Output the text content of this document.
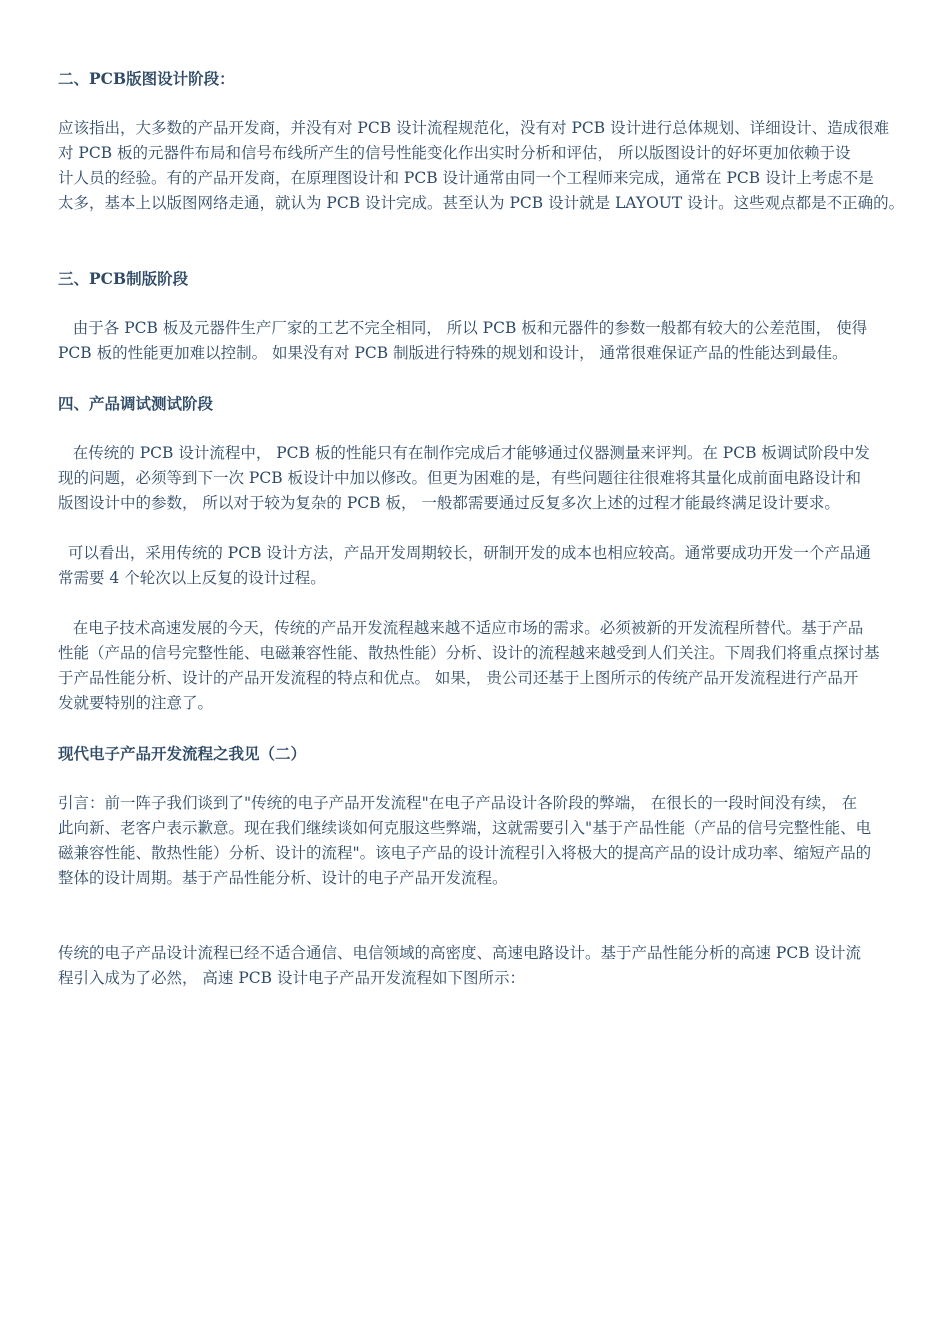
二、PCB版图设计阶段：
应该指出，大多数的产品开发商，并没有对 PCB 设计流程规范化，没有对 PCB 设计进行总体规划、详细设计、造成很难
对 PCB 板的元器件布局和信号布线所产生的信号性能变化作出实时分析和评估， 所以版图设计的好坏更加依赖于设
计人员的经验。有的产品开发商，在原理图设计和 PCB 设计通常由同一个工程师来完成，通常在 PCB 设计上考虑不是
太多，基本上以版图网络走通，就认为 PCB 设计完成。甚至认为 PCB 设计就是 LAYOUT 设计。这些观点都是不正确的。
三、PCB制版阶段
由于各 PCB 板及元器件生产厂家的工艺不完全相同， 所以 PCB 板和元器件的参数一般都有较大的公差范围， 使得
PCB 板的性能更加难以控制。 如果没有对 PCB 制版进行特殊的规划和设计， 通常很难保证产品的性能达到最佳。
四、产品调试测试阶段
在传统的 PCB 设计流程中， PCB 板的性能只有在制作完成后才能够通过仪器测量来评判。在 PCB 板调试阶段中发
现的问题，必须等到下一次 PCB 板设计中加以修改。但更为困难的是，有些问题往往很难将其量化成前面电路设计和
版图设计中的参数， 所以对于较为复杂的 PCB 板， 一般都需要通过反复多次上述的过程才能最终满足设计要求。
可以看出，采用传统的 PCB 设计方法，产品开发周期较长，研制开发的成本也相应较高。通常要成功开发一个产品通
常需要 4 个轮次以上反复的设计过程。
在电子技术高速发展的今天，传统的产品开发流程越来越不适应市场的需求。必须被新的开发流程所替代。基于产品
性能（产品的信号完整性能、电磁兼容性能、散热性能）分析、设计的流程越来越受到人们关注。下周我们将重点探讨基
于产品性能分析、设计的产品开发流程的特点和优点。 如果， 贵公司还基于上图所示的传统产品开发流程进行产品开
发就要特别的注意了。
现代电子产品开发流程之我见（二）
引言：前一阵子我们谈到了"传统的电子产品开发流程"在电子产品设计各阶段的弊端， 在很长的一段时间没有续， 在
此向新、老客户表示歉意。现在我们继续谈如何克服这些弊端，这就需要引入"基于产品性能（产品的信号完整性能、电
磁兼容性能、散热性能）分析、设计的流程"。该电子产品的设计流程引入将极大的提高产品的设计成功率、缩短产品的
整体的设计周期。基于产品性能分析、设计的电子产品开发流程。
传统的电子产品设计流程已经不适合通信、电信领域的高密度、高速电路设计。基于产品性能分析的高速 PCB 设计流
程引入成为了必然， 高速 PCB 设计电子产品开发流程如下图所示：
